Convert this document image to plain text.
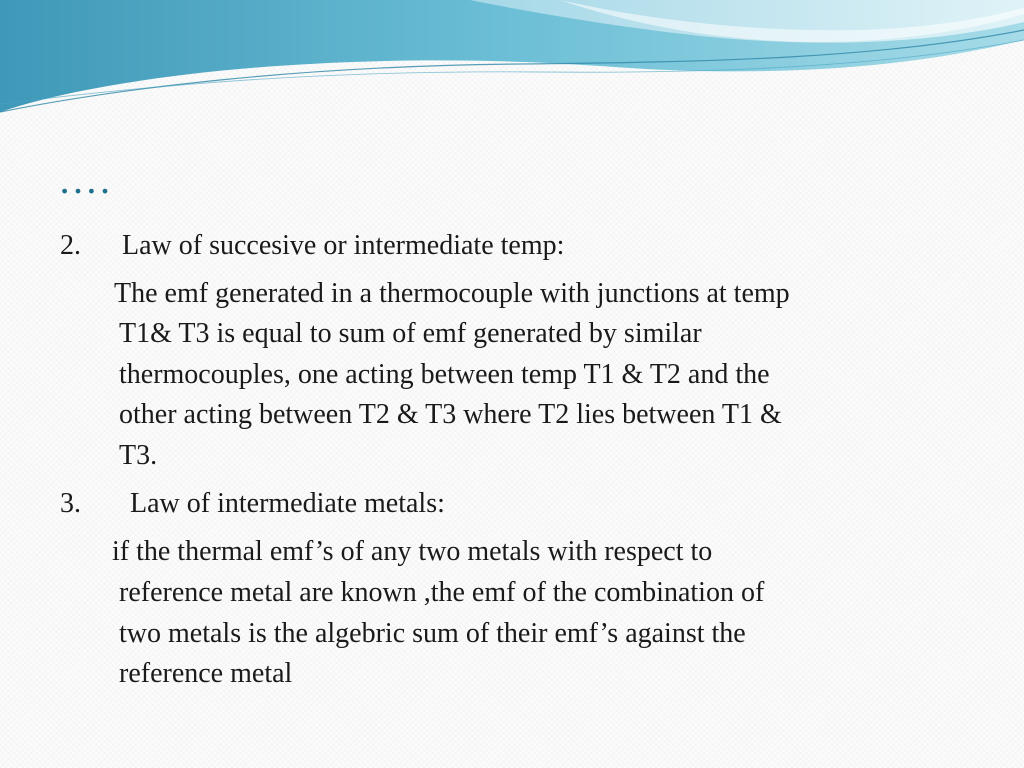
….
2. Law of succesive or intermediate temp:
The emf generated in a thermocouple with junctions at temp
T1& T3 is equal to sum of emf generated by similar
thermocouples, one acting between temp T1 & T2 and the
other acting between T2 & T3 where T2 lies between T1 &
T3.
3. Law of intermediate metals:
if the thermal emf’s of any two metals with respect to
reference metal are known ,the emf of the combination of
two metals is the algebric sum of their emf’s against the
reference metal
